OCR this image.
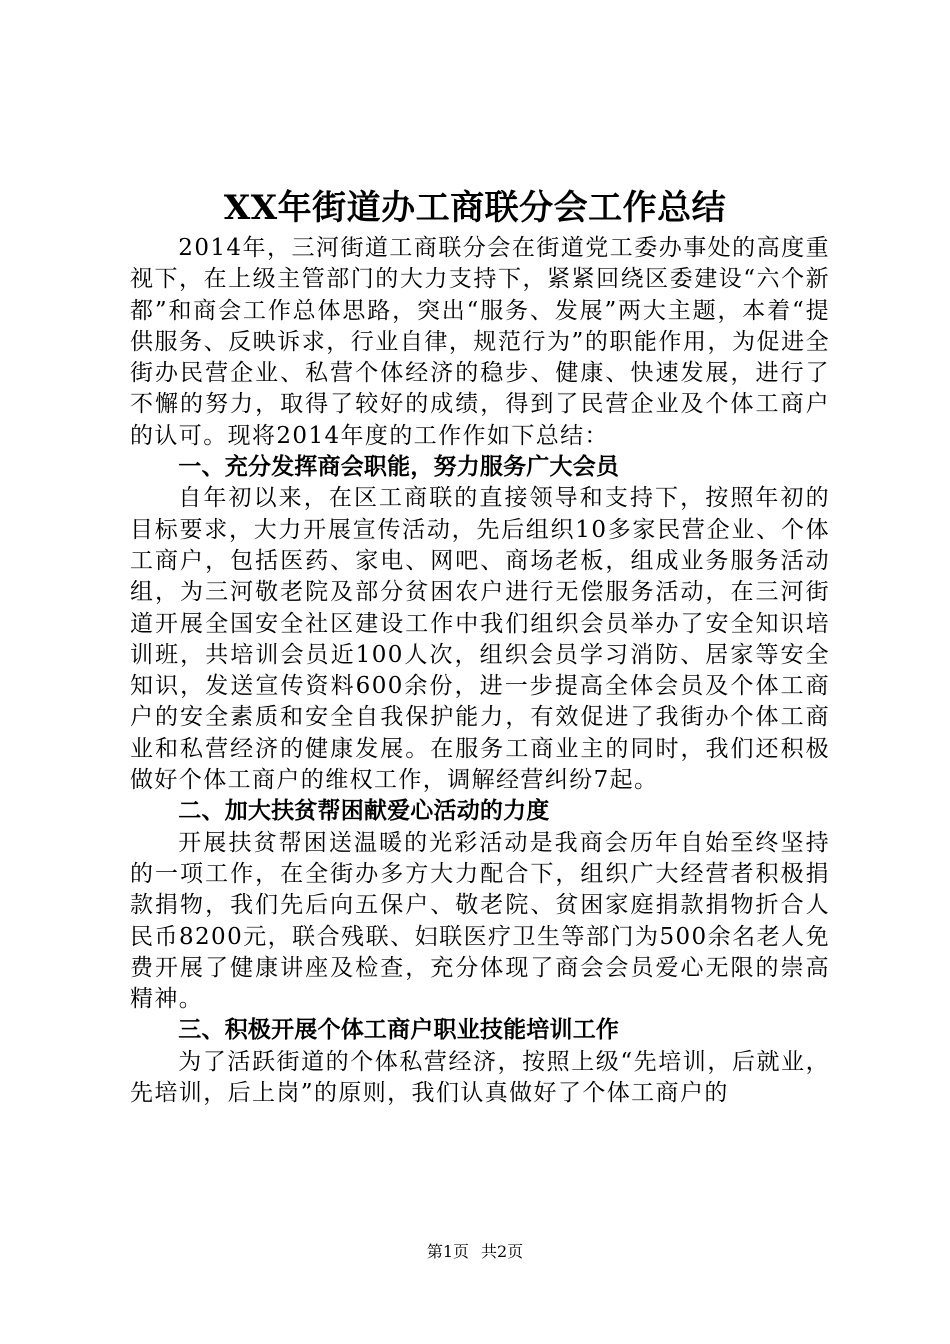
XX年街道办工商联分会工作总结

2014年，三河街道工商联分会在街道党工委办事处的高度重视下，在上级主管部门的大力支持下，紧紧回绕区委建设“六个新都”和商会工作总体思路，突出“服务、发展”两大主题，本着“提供服务、反映诉求，行业自律，规范行为”的职能作用，为促进全街办民营企业、私营个体经济的稳步、健康、快速发展，进行了不懈的努力，取得了较好的成绩，得到了民营企业及个体工商户的认可。现将2014年度的工作作如下总结：

一、充分发挥商会职能，努力服务广大会员

自年初以来，在区工商联的直接领导和支持下，按照年初的目标要求，大力开展宣传活动，先后组织10多家民营企业、个体工商户，包括医药、家电、网吧、商场老板，组成业务服务活动组，为三河敬老院及部分贫困农户进行无偿服务活动，在三河街道开展全国安全社区建设工作中我们组织会员举办了安全知识培训班，共培训会员近100人次，组织会员学习消防、居家等安全知识，发送宣传资料600余份，进一步提高全体会员及个体工商户的安全素质和安全自我保护能力，有效促进了我街办个体工商业和私营经济的健康发展。在服务工商业主的同时，我们还积极做好个体工商户的维权工作，调解经营纠纷7起。

二、加大扶贫帮困献爱心活动的力度

开展扶贫帮困送温暖的光彩活动是我商会历年自始至终坚持的一项工作，在全街办多方大力配合下，组织广大经营者积极捐款捐物，我们先后向五保户、敬老院、贫困家庭捐款捐物折合人民币8200元，联合残联、妇联医疗卫生等部门为500余名老人免费开展了健康讲座及检查，充分体现了商会会员爱心无限的崇高精神。

三、积极开展个体工商户职业技能培训工作

为了活跃街道的个体私营经济，按照上级“先培训，后就业，先培训，后上岗”的原则，我们认真做好了个体工商户的

第1页 共2页
